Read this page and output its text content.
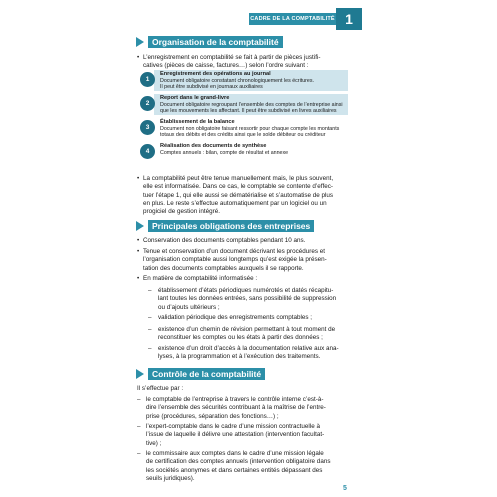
CADRE DE LA COMPTABILITÉ 1
Organisation de la comptabilité
• L’enregistrement en comptabilité se fait à partir de pièces justifi-
catives (pièces de caisse, factures…) selon l’ordre suivant :
Enregistrement des opérations au journal
Document obligatoire constatant chronologiquement les écritures.
Il peut être subdivisé en journaux auxiliaires
1
Report dans le grand-livre
Document obligatoire regroupant l’ensemble des comptes de l’entreprise ainsi
que les mouvements les affectant. Il peut être subdivisé en livres auxiliaires
2
Établissement de la balance
Document non obligatoire faisant ressortir pour chaque compte les montants
totaux des débits et des crédits ainsi que le solde débiteur ou créditeur
3
Réalisation des documents de synthèse
Comptes annuels : bilan, compte de résultat et annexe
4
• La comptabilité peut être tenue manuellement mais, le plus souvent,
elle est informatisée. Dans ce cas, le comptable se contente d’effec-
tuer l’étape 1, qui elle aussi se dématérialise et s’automatise de plus
en plus. Le reste s’effectue automatiquement par un logiciel ou un
progiciel de gestion intégré.
Principales obligations des entreprises
• Conservation des documents comptables pendant 10 ans.
• Tenue et conservation d’un document décrivant les procédures et
l’organisation comptable aussi longtemps qu’est exigée la présen-
tation des documents comptables auxquels il se rapporte.
• En matière de comptabilité informatisée :
– établissement d’états périodiques numérotés et datés récapitu-
lant toutes les données entrées, sans possibilité de suppression
ou d’ajouts ultérieurs ;
– validation périodique des enregistrements comptables ;
– existence d’un chemin de révision permettant à tout moment de
reconstituer les comptes ou les états à partir des données ;
– existence d’un droit d’accès à la documentation relative aux ana-
lyses, à la programmation et à l’exécution des traitements.
Contrôle de la comptabilité
Il s’effectue par :
– le comptable de l’entreprise à travers le contrôle interne c’est-à-
dire l’ensemble des sécurités contribuant à la maîtrise de l’entre-
prise (procédures, séparation des fonctions…) ;
– l’expert-comptable dans le cadre d’une mission contractuelle à
l’issue de laquelle il délivre une attestation (intervention facultat-
tive) ;
– le commissaire aux comptes dans le cadre d’une mission légale
de certification des comptes annuels (intervention obligatoire dans
les sociétés anonymes et dans certaines entités dépassant des
seuils juridiques).
5
